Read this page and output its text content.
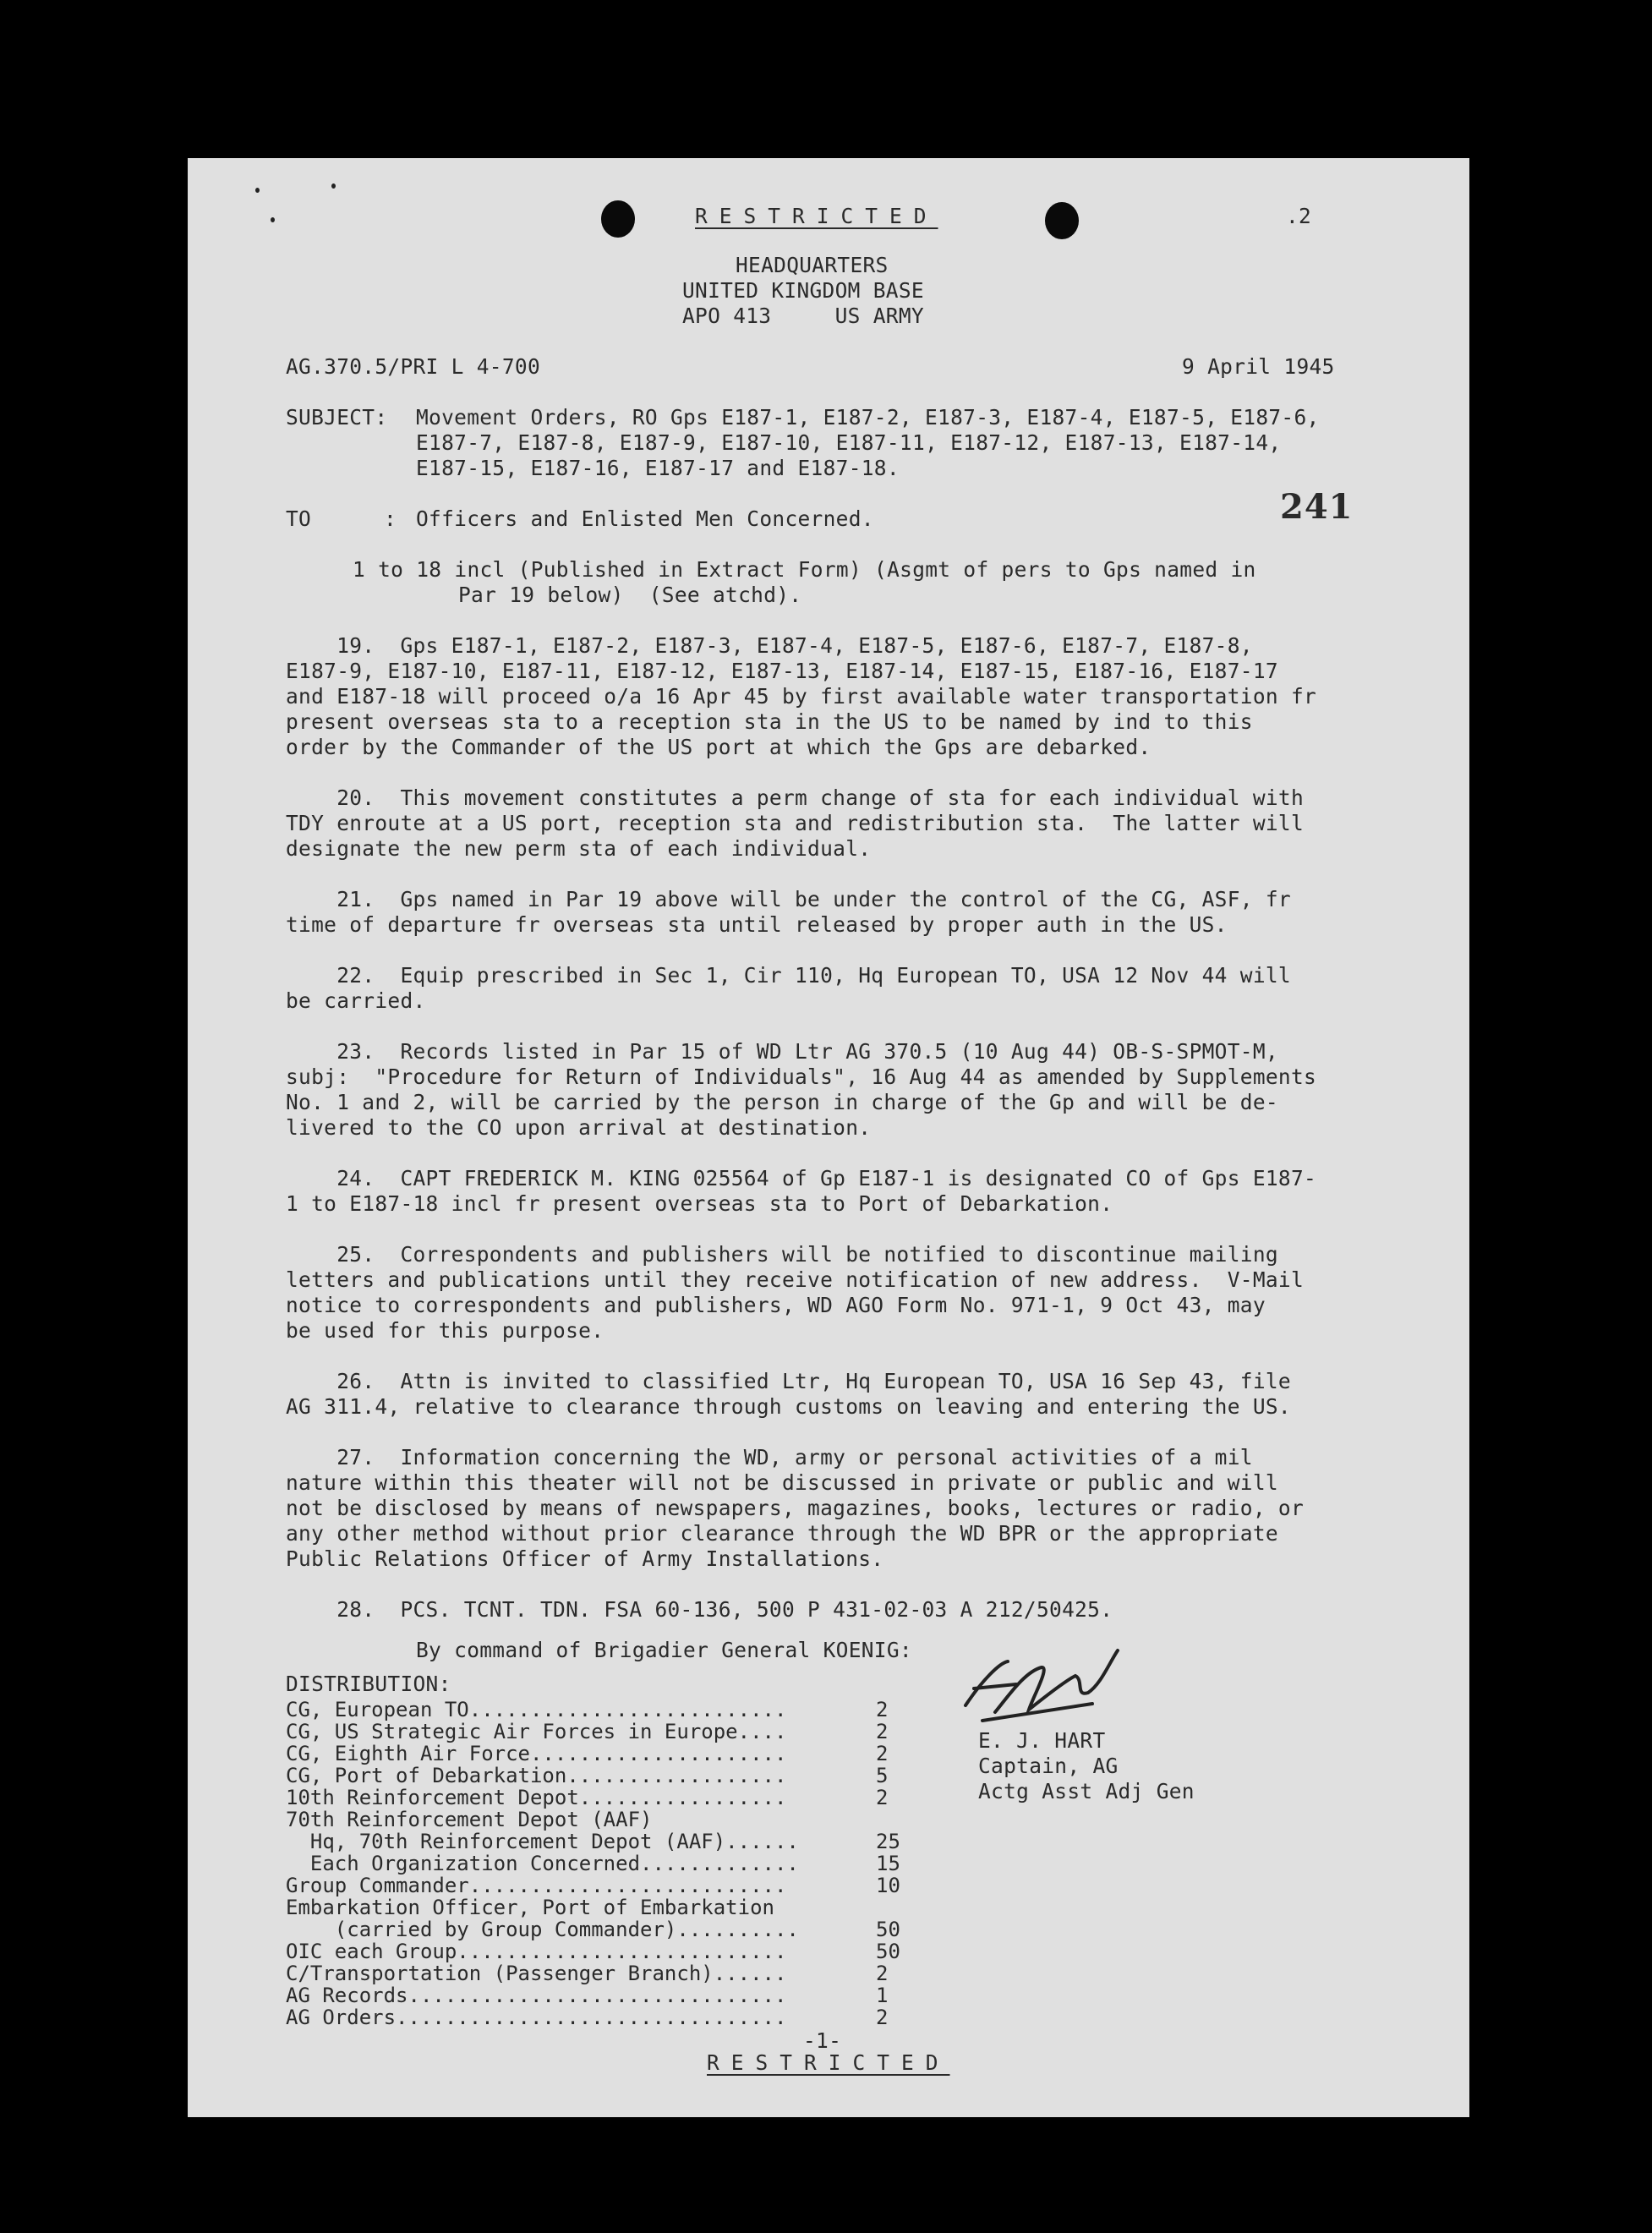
RESTRICTED	.2
HEADQUARTERS
UNITED KINGDOM BASE
APO 413     US ARMY
AG.370.5/PRI L 4-700	9 April 1945
SUBJECT: Movement Orders, RO Gps E187-1, E187-2, E187-3, E187-4, E187-5, E187-6,
E187-7, E187-8, E187-9, E187-10, E187-11, E187-12, E187-13, E187-14,
E187-15, E187-16, E187-17 and E187-18.
TO	: Officers and Enlisted Men Concerned.	241
1 to 18 incl (Published in Extract Form) (Asgmt of pers to Gps named in
Par 19 below)  (See atchd).
19.  Gps E187-1, E187-2, E187-3, E187-4, E187-5, E187-6, E187-7, E187-8,
E187-9, E187-10, E187-11, E187-12, E187-13, E187-14, E187-15, E187-16, E187-17
and E187-18 will proceed o/a 16 Apr 45 by first available water transportation fr
present overseas sta to a reception sta in the US to be named by ind to this
order by the Commander of the US port at which the Gps are debarked.
20.  This movement constitutes a perm change of sta for each individual with
TDY enroute at a US port, reception sta and redistribution sta.  The latter will
designate the new perm sta of each individual.
21.  Gps named in Par 19 above will be under the control of the CG, ASF, fr
time of departure fr overseas sta until released by proper auth in the US.
22.  Equip prescribed in Sec 1, Cir 110, Hq European TO, USA 12 Nov 44 will
be carried.
23.  Records listed in Par 15 of WD Ltr AG 370.5 (10 Aug 44) OB-S-SPMOT-M,
subj:  "Procedure for Return of Individuals", 16 Aug 44 as amended by Supplements
No. 1 and 2, will be carried by the person in charge of the Gp and will be de-
livered to the CO upon arrival at destination.
24.  CAPT FREDERICK M. KING 025564 of Gp E187-1 is designated CO of Gps E187-
1 to E187-18 incl fr present overseas sta to Port of Debarkation.
25.  Correspondents and publishers will be notified to discontinue mailing
letters and publications until they receive notification of new address.  V-Mail
notice to correspondents and publishers, WD AGO Form No. 971-1, 9 Oct 43, may
be used for this purpose.
26.  Attn is invited to classified Ltr, Hq European TO, USA 16 Sep 43, file
AG 311.4, relative to clearance through customs on leaving and entering the US.
27.  Information concerning the WD, army or personal activities of a mil
nature within this theater will not be discussed in private or public and will
not be disclosed by means of newspapers, magazines, books, lectures or radio, or
any other method without prior clearance through the WD BPR or the appropriate
Public Relations Officer of Army Installations.
28.  PCS. TCNT. TDN. FSA 60-136, 500 P 431-02-03 A 212/50425.
By command of Brigadier General KOENIG:
E. J. HART
Captain, AG
Actg Asst Adj Gen
DISTRIBUTION:
CG, European TO..........................	2
CG, US Strategic Air Forces in Europe....	2
CG, Eighth Air Force.....................	2
CG, Port of Debarkation..................	5
10th Reinforcement Depot.................	2
70th Reinforcement Depot (AAF)
Hq, 70th Reinforcement Depot (AAF)......	25
Each Organization Concerned.............	15
Group Commander..........................	10
Embarkation Officer, Port of Embarkation
(carried by Group Commander)..........	50
OIC each Group...........................	50
C/Transportation (Passenger Branch)......	2
AG Records...............................	1
AG Orders................................	2
-1-
RESTRICTED
